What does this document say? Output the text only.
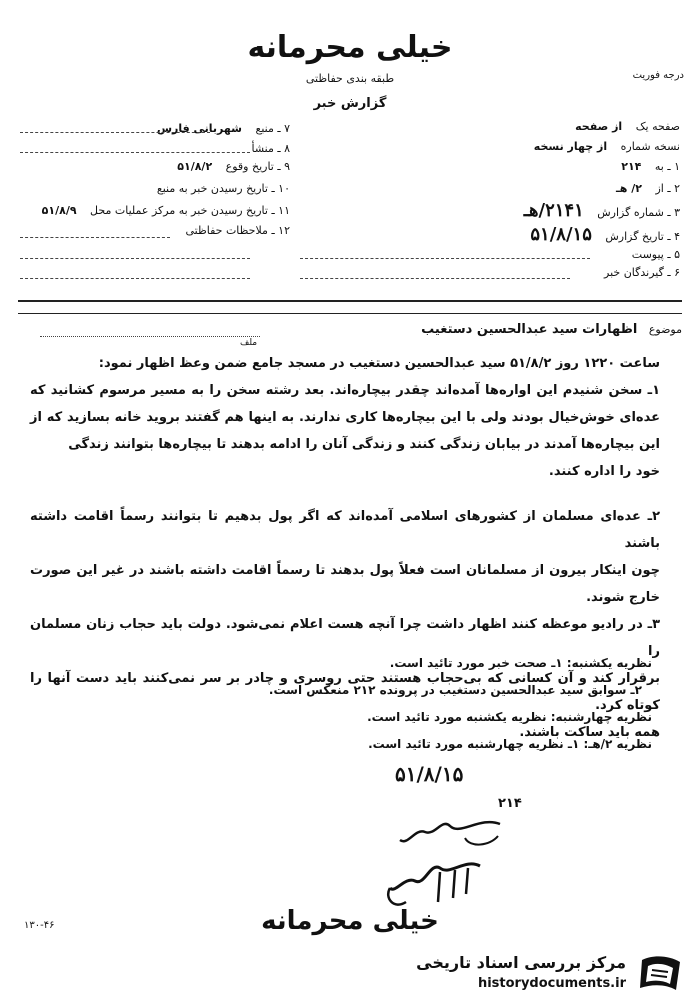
خیلی محرمانه
طبقه بندی حفاظتی
گزارش خبر
درجه فوریت
صفحه یک از صفحه
نسخه شماره از چهار نسخه
۱ ـ به ۲۱۴
۲ ـ از ۲/ هـ
۳ ـ شماره گزارش ۲۱۴۱/هـ
۴ ـ تاریخ گزارش ۵۱/۸/۱۵
۵ ـ پیوست
۶ ـ گیرندگان خبر
۷ ـ منبع شهربانی فارس
۸ ـ منشأ
۹ ـ تاریخ وقوع ۵۱/۸/۲
۱۰ ـ تاریخ رسیدن خبر به منبع
۱۱ ـ تاریخ رسیدن خبر به مرکز عملیات محل ۵۱/۸/۹
۱۲ ـ ملاحظات حفاظتی
موضوع اظهارات سید عبدالحسین دستغیب
ملف

ساعت ۱۲۲۰ روز ۵۱/۸/۲ سید عبدالحسین دستغیب در مسجد جامع ضمن وعظ اظهار نمود:

۱ـ سخن شنیدم این اواره‌ها آمده‌اند چقدر بیچاره‌اند. بعد رشته سخن را به مسیر مرسوم کشانید که عده‌ای خوش‌خیال بودند ولی با این بیچاره‌ها کاری ندارند. به اینها هم گفتند بروید خانه بسازید که از این بیچاره‌ها آمدند در بیابان زندگی کنند و زندگی آنان را ادامه بدهند تا بیچاره‌ها بتوانند زندگی

خود را اداره کنند.

۲ـ عده‌ای مسلمان از کشورهای اسلامی آمده‌اند که اگر پول بدهیم تا بتوانند رسماً اقامت داشته باشند

چون اینکار بیرون از مسلمانان است فعلاً پول بدهند تا رسماً اقامت داشته باشند در غیر این صورت خارج شوند.

۳ـ در رادیو موعظه کنند اظهار داشت چرا آنچه هست اعلام نمی‌شود. دولت باید حجاب زنان مسلمان را

برقرار کند و آن کسانی که بی‌حجاب هستند حتی روسری و چادر بر سر نمی‌کنند باید دست آنها را کوتاه کرد.

همه باید ساکت باشند.

نظریه یکشنبه: ۱ـ صحت خبر مورد تائید است.

۲ـ سوابق سید عبدالحسین دستغیب در پرونده ۲۱۲ منعکس است.

نظریه چهارشنبه: نظریه یکشنبه مورد تائید است.

نظریه ۲/هـ: ۱ـ نظریه چهارشنبه مورد تائید است.

۵۱/۸/۱۵
۲۱۴
خیلی محرمانه
۱۳۰-۴۶
مرکز بررسی اسناد تاریخی
historydocuments.ir
